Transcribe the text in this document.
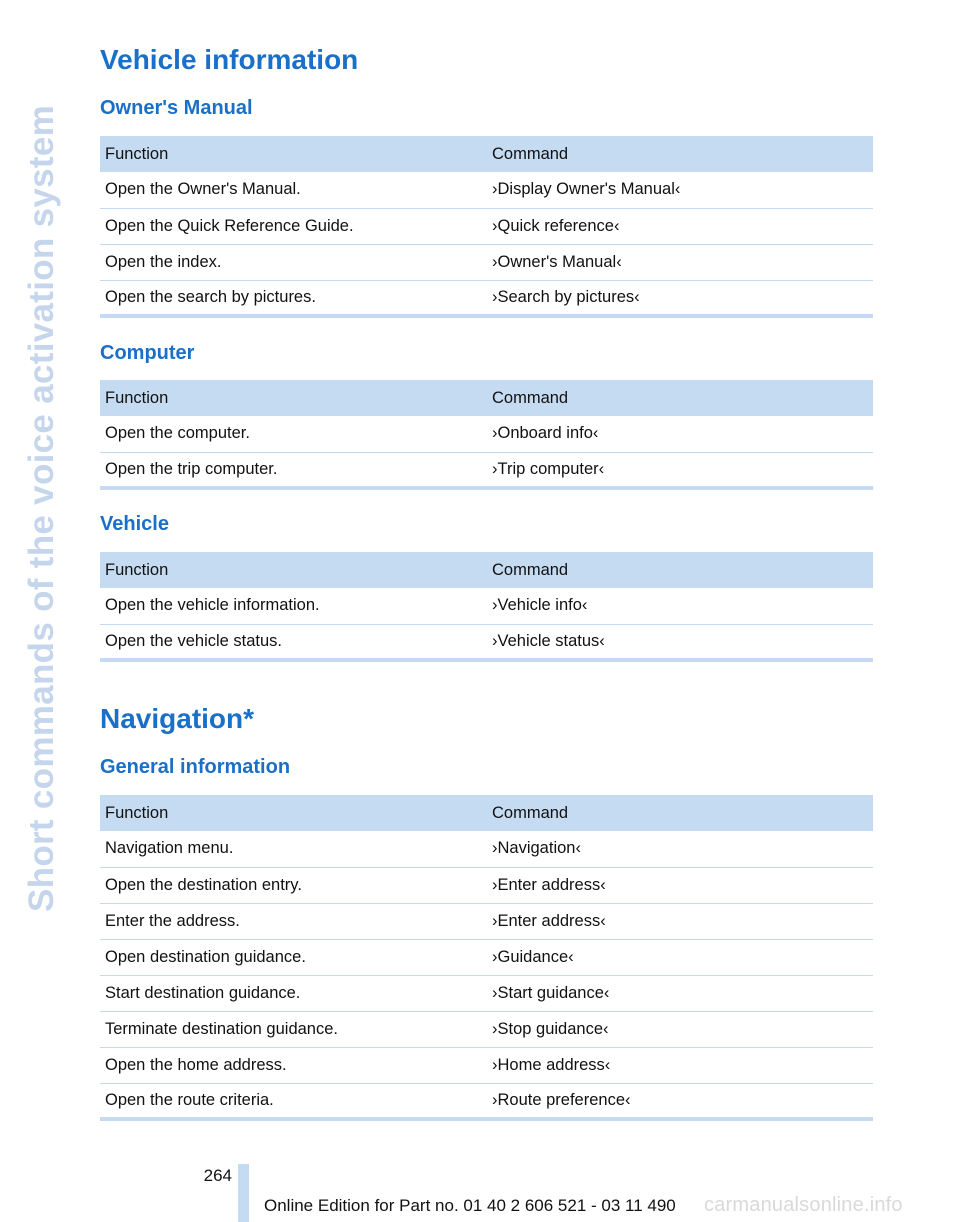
Short commands of the voice activation system
Vehicle information
Owner's Manual
Function	Command
Open the Owner's Manual.	›Display Owner's Manual‹
Open the Quick Reference Guide.	›Quick reference‹
Open the index.	›Owner's Manual‹
Open the search by pictures.	›Search by pictures‹
Computer
Function	Command
Open the computer.	›Onboard info‹
Open the trip computer.	›Trip computer‹
Vehicle
Function	Command
Open the vehicle information.	›Vehicle info‹
Open the vehicle status.	›Vehicle status‹
Navigation*
General information
Function	Command
Navigation menu.	›Navigation‹
Open the destination entry.	›Enter address‹
Enter the address.	›Enter address‹
Open destination guidance.	›Guidance‹
Start destination guidance.	›Start guidance‹
Terminate destination guidance.	›Stop guidance‹
Open the home address.	›Home address‹
Open the route criteria.	›Route preference‹
264
Online Edition for Part no. 01 40 2 606 521 - 03 11 490 carmanualsonline.info
